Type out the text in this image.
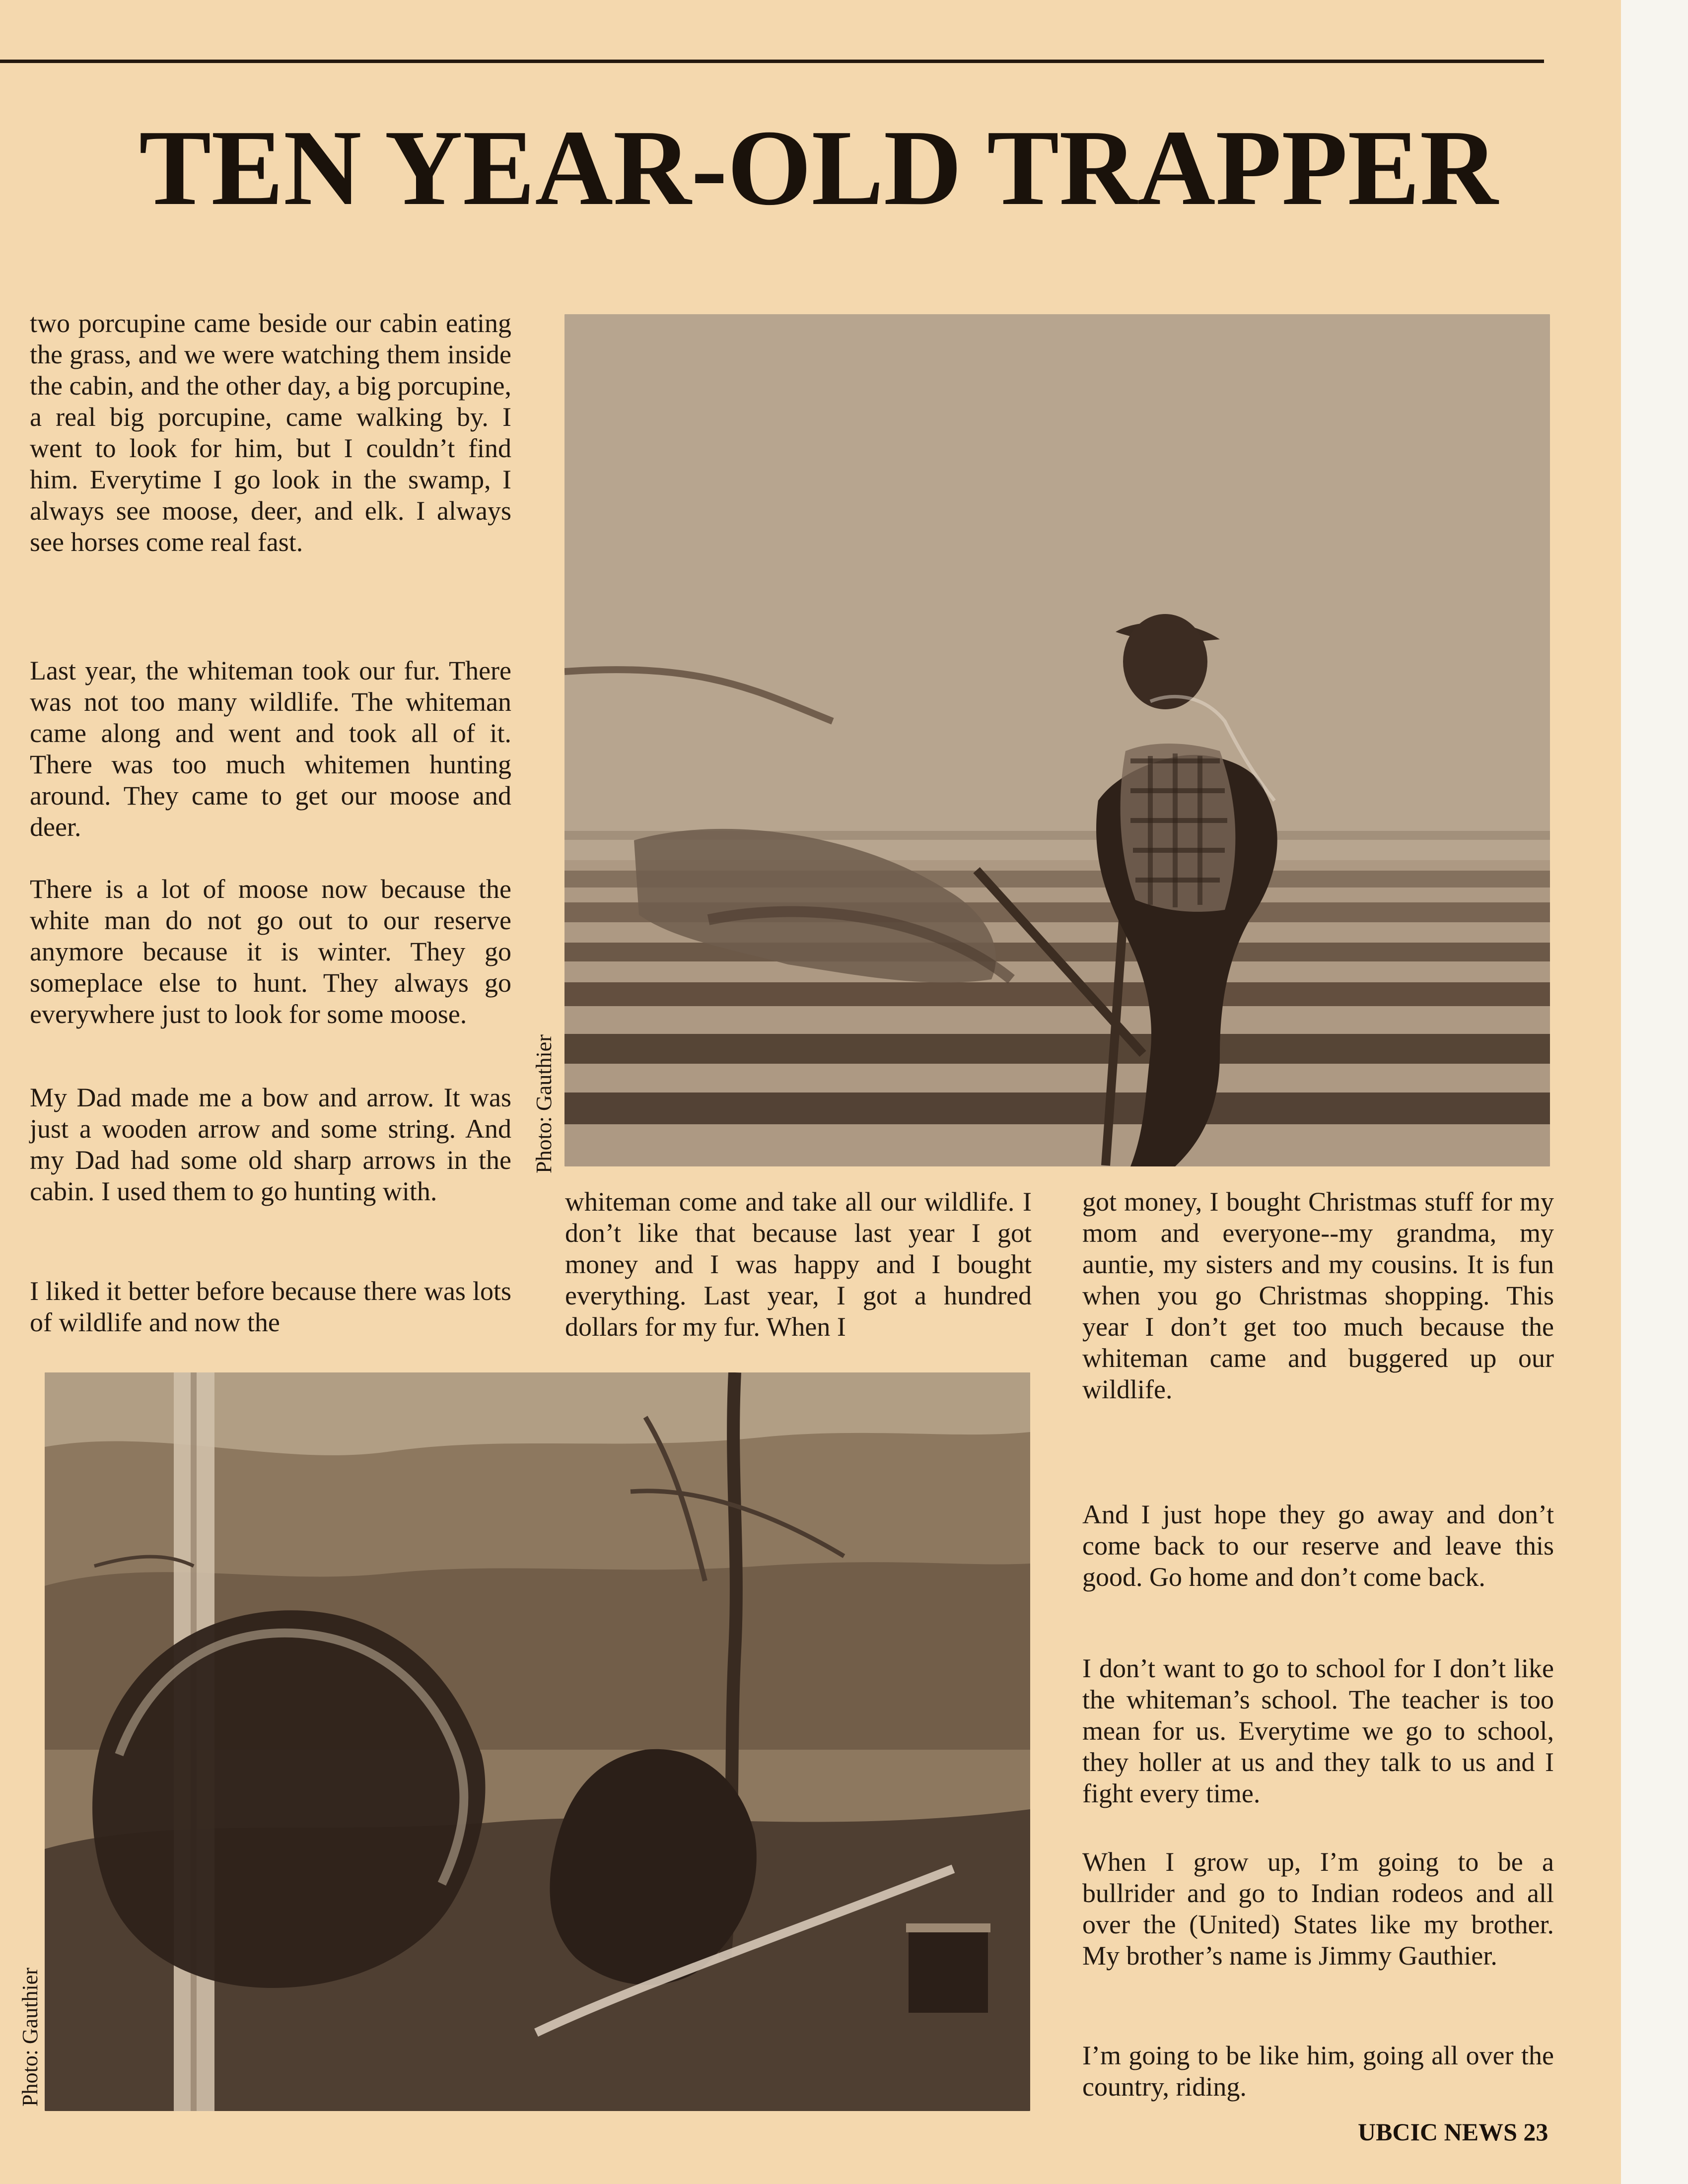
TEN YEAR-OLD TRAPPER
Photo: Gauthier
two porcupine came beside our cabin eating the grass, and we were watching them inside the cabin, and the other day, a big porcupine, a real big porcupine, came walking by. I went to look for him, but I couldn’t find him. Everytime I go look in the swamp, I always see moose, deer, and elk. I always see horses come real fast.
Last year, the whiteman took our fur. There was not too many wildlife. The whiteman came along and went and took all of it. There was too much whitemen hunting around. They came to get our moose and deer.
There is a lot of moose now because the white man do not go out to our reserve anymore because it is winter. They go someplace else to hunt. They always go everywhere just to look for some moose.
My Dad made me a bow and arrow. It was just a wooden arrow and some string. And my Dad had some old sharp arrows in the cabin. I used them to go hunting with.
I liked it better before because there was lots of wildlife and now the
whiteman come and take all our wildlife. I don’t like that because last year I got money and I was happy and I bought everything. Last year, I got a hundred dollars for my fur. When I
got money, I bought Christmas stuff for my mom and everyone--my grandma, my auntie, my sisters and my cousins. It is fun when you go Christmas shopping. This year I don’t get too much because the whiteman came and buggered up our wildlife.
And I just hope they go away and don’t come back to our reserve and leave this good. Go home and don’t come back.
I don’t want to go to school for I don’t like the whiteman’s school. The teacher is too mean for us. Everytime we go to school, they holler at us and they talk to us and I fight every time.
When I grow up, I’m going to be a bullrider and go to Indian rodeos and all over the (United) States like my brother. My brother’s name is Jimmy Gauthier.
I’m going to be like him, going all over the country, riding.
Photo: Gauthier
UBCIC NEWS 23
